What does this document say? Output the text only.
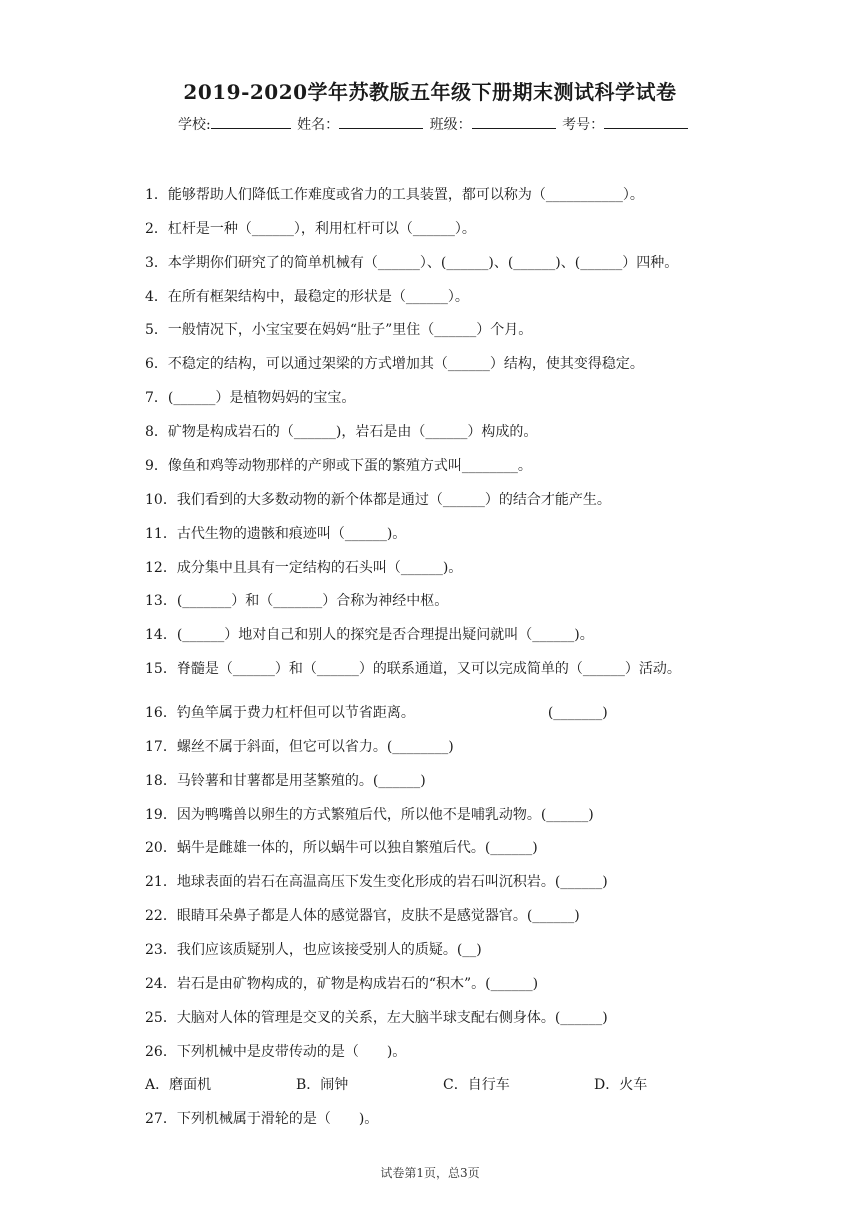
2019-2020学年苏教版五年级下册期末测试科学试卷
学校:	姓名：	班级：	考号：
1．能够帮助人们降低工作难度或省力的工具装置，都可以称为（___________）。
2．杠杆是一种（______），利用杠杆可以（______）。
3．本学期你们研究了的简单机械有（______）、(______)、(______)、(______）四种。
4．在所有框架结构中，最稳定的形状是（______）。
5．一般情况下，小宝宝要在妈妈“肚子”里住（______）个月。
6．不稳定的结构，可以通过架梁的方式增加其（______）结构，使其变得稳定。
7．(______）是植物妈妈的宝宝。
8．矿物是构成岩石的（______)，岩石是由（______）构成的。
9．像鱼和鸡等动物那样的产卵或下蛋的繁殖方式叫________。
10．我们看到的大多数动物的新个体都是通过（______）的结合才能产生。
11．古代生物的遗骸和痕迹叫（______)。
12．成分集中且具有一定结构的石头叫（______)。
13．(_______）和（_______）合称为神经中枢。
14．(______）地对自己和别人的探究是否合理提出疑问就叫（______)。
15．脊髓是（______）和（______）的联系通道，又可以完成简单的（______）活动。
16．钓鱼竿属于费力杠杆但可以节省距离。　　　　　　　　　　(_______)
17．螺丝不属于斜面，但它可以省力。(________)
18．马铃薯和甘薯都是用茎繁殖的。(______)
19．因为鸭嘴兽以卵生的方式繁殖后代，所以他不是哺乳动物。(______)
20．蜗牛是雌雄一体的，所以蜗牛可以独自繁殖后代。(______)
21．地球表面的岩石在高温高压下发生变化形成的岩石叫沉积岩。(______)
22．眼睛耳朵鼻子都是人体的感觉器官，皮肤不是感觉器官。(______)
23．我们应该质疑别人，也应该接受别人的质疑。(__)
24．岩石是由矿物构成的，矿物是构成岩石的“积木”。(______)
25．大脑对人体的管理是交叉的关系，左大脑半球支配右侧身体。(______)
26．下列机械中是皮带传动的是（　　)。
A．磨面机	B．闹钟	C．自行车	D．火车
27．下列机械属于滑轮的是（　　)。
试卷第1页，总3页
